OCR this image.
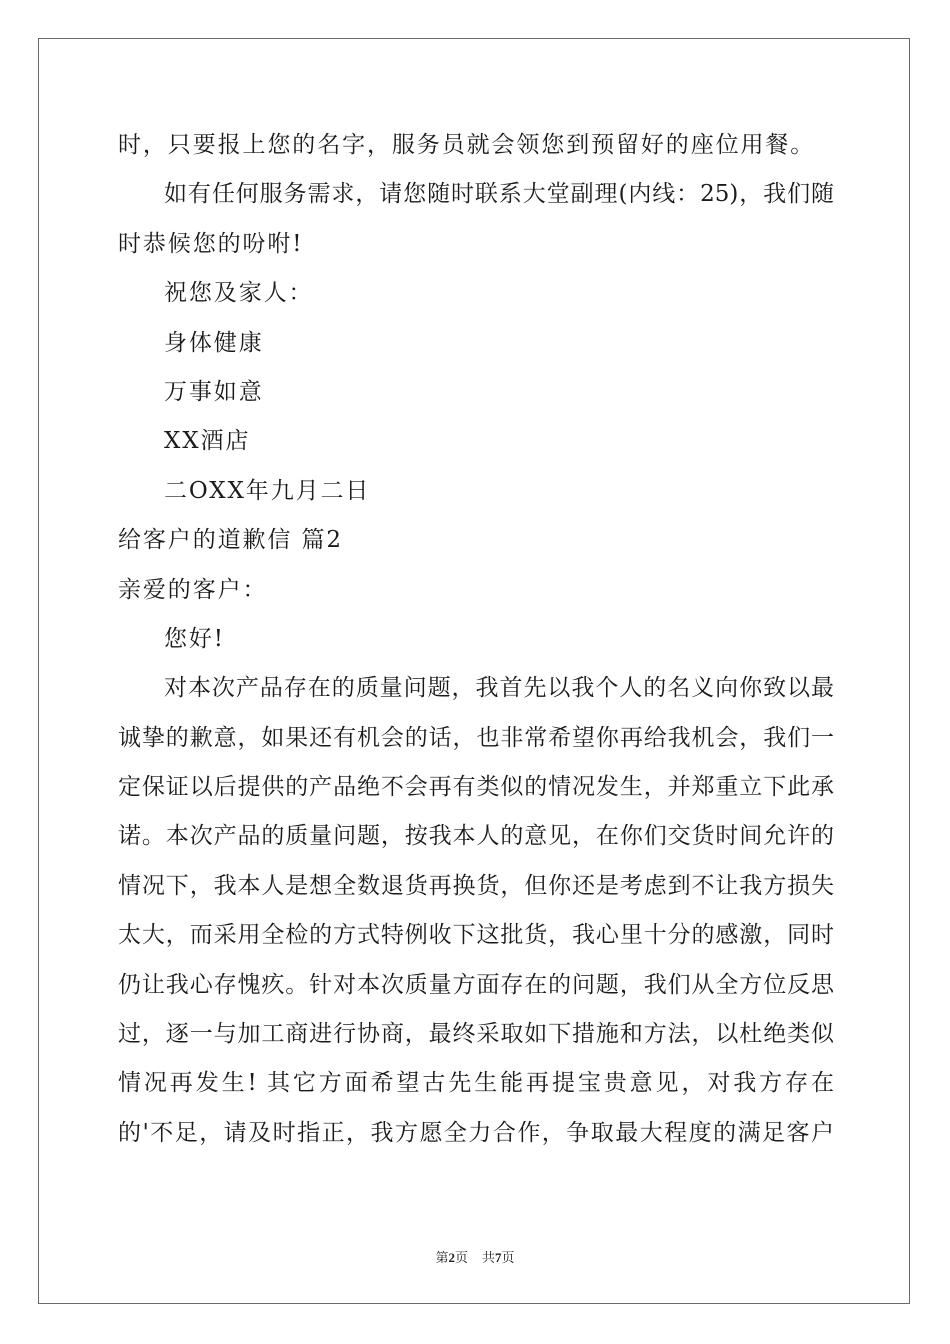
时，只要报上您的名字，服务员就会领您到预留好的座位用餐。
如有任何服务需求，请您随时联系大堂副理(内线：25)，我们随
时恭候您的吩咐!
祝您及家人：
身体健康
万事如意
XX酒店
二OXX年九月二日
给客户的道歉信 篇2
亲爱的客户：
您好!
对本次产品存在的质量问题，我首先以我个人的名义向你致以最
诚挚的歉意，如果还有机会的话，也非常希望你再给我机会，我们一
定保证以后提供的产品绝不会再有类似的情况发生，并郑重立下此承
诺。本次产品的质量问题，按我本人的意见，在你们交货时间允许的
情况下，我本人是想全数退货再换货，但你还是考虑到不让我方损失
太大，而采用全检的方式特例收下这批货，我心里十分的感激，同时
仍让我心存愧疚。针对本次质量方面存在的问题，我们从全方位反思
过，逐一与加工商进行协商，最终采取如下措施和方法，以杜绝类似
情况再发生! 其它方面希望古先生能再提宝贵意见，对我方存在
的'不足，请及时指正，我方愿全力合作，争取最大程度的满足客户
第2页 共7页
